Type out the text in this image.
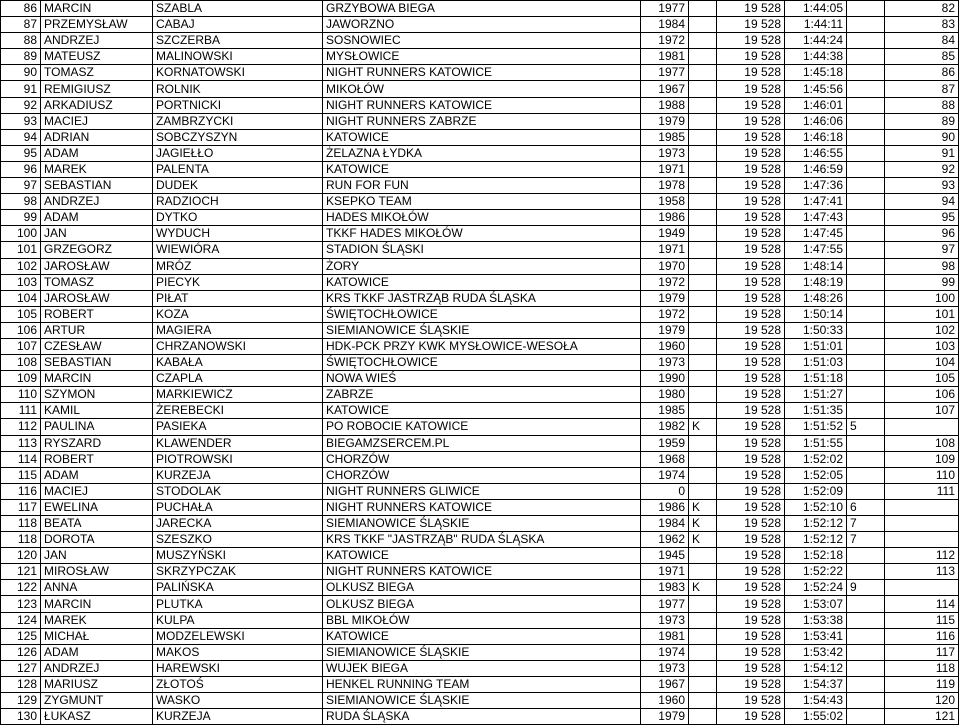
86	MARCIN	SZABLA	GRZYBOWA BIEGA	1977		19 528	1:44:05		82
87	PRZEMYSŁAW	CABAJ	JAWORZNO	1984		19 528	1:44:11		83
88	ANDRZEJ	SZCZERBA	SOSNOWIEC	1972		19 528	1:44:24		84
89	MATEUSZ	MALINOWSKI	MYSŁOWICE	1981		19 528	1:44:38		85
90	TOMASZ	KORNATOWSKI	NIGHT RUNNERS KATOWICE	1977		19 528	1:45:18		86
91	REMIGIUSZ	ROLNIK	MIKOŁÓW	1967		19 528	1:45:56		87
92	ARKADIUSZ	PORTNICKI	NIGHT RUNNERS KATOWICE	1988		19 528	1:46:01		88
93	MACIEJ	ZAMBRZYCKI	NIGHT RUNNERS ZABRZE	1979		19 528	1:46:06		89
94	ADRIAN	SOBCZYSZYN	KATOWICE	1985		19 528	1:46:18		90
95	ADAM	JAGIEŁŁO	ŻELAZNA ŁYDKA	1973		19 528	1:46:55		91
96	MAREK	PALENTA	KATOWICE	1971		19 528	1:46:59		92
97	SEBASTIAN	DUDEK	RUN FOR FUN	1978		19 528	1:47:36		93
98	ANDRZEJ	RADZIOCH	KSEPKO TEAM	1958		19 528	1:47:41		94
99	ADAM	DYTKO	HADES MIKOŁÓW	1986		19 528	1:47:43		95
100	JAN	WYDUCH	TKKF HADES MIKOŁÓW	1949		19 528	1:47:45		96
101	GRZEGORZ	WIEWIÓRA	STADION ŚLĄSKI	1971		19 528	1:47:55		97
102	JAROSŁAW	MRÓZ	ŻORY	1970		19 528	1:48:14		98
103	TOMASZ	PIECYK	KATOWICE	1972		19 528	1:48:19		99
104	JAROSŁAW	PIŁAT	KRS TKKF JASTRZĄB RUDA ŚLĄSKA	1979		19 528	1:48:26		100
105	ROBERT	KOZA	ŚWIĘTOCHŁOWICE	1972		19 528	1:50:14		101
106	ARTUR	MAGIERA	SIEMIANOWICE ŚLĄSKIE	1979		19 528	1:50:33		102
107	CZESŁAW	CHRZANOWSKI	HDK-PCK PRZY KWK MYSŁOWICE-WESOŁA	1960		19 528	1:51:01		103
108	SEBASTIAN	KABAŁA	ŚWIĘTOCHŁOWICE	1973		19 528	1:51:03		104
109	MARCIN	CZAPLA	NOWA WIEŚ	1990		19 528	1:51:18		105
110	SZYMON	MARKIEWICZ	ZABRZE	1980		19 528	1:51:27		106
111	KAMIL	ŻEREBECKI	KATOWICE	1985		19 528	1:51:35		107
112	PAULINA	PASIEKA	PO ROBOCIE KATOWICE	1982	K	19 528	1:51:52	5	
113	RYSZARD	KLAWENDER	BIEGAMZSERCEM.PL	1959		19 528	1:51:55		108
114	ROBERT	PIOTROWSKI	CHORZÓW	1968		19 528	1:52:02		109
115	ADAM	KURZEJA	CHORZÓW	1974		19 528	1:52:05		110
116	MACIEJ	STODOLAK	NIGHT RUNNERS GLIWICE	0		19 528	1:52:09		111
117	EWELINA	PUCHAŁA	NIGHT RUNNERS KATOWICE	1986	K	19 528	1:52:10	6	
118	BEATA	JARECKA	SIEMIANOWICE ŚLĄSKIE	1984	K	19 528	1:52:12	7	
118	DOROTA	SZESZKO	KRS TKKF "JASTRZĄB" RUDA ŚLĄSKA	1962	K	19 528	1:52:12	7	
120	JAN	MUSZYŃSKI	KATOWICE	1945		19 528	1:52:18		112
121	MIROSŁAW	SKRZYPCZAK	NIGHT RUNNERS KATOWICE	1971		19 528	1:52:22		113
122	ANNA	PALIŃSKA	OLKUSZ BIEGA	1983	K	19 528	1:52:24	9	
123	MARCIN	PLUTKA	OLKUSZ BIEGA	1977		19 528	1:53:07		114
124	MAREK	KULPA	BBL MIKOŁÓW	1973		19 528	1:53:38		115
125	MICHAŁ	MODZELEWSKI	KATOWICE	1981		19 528	1:53:41		116
126	ADAM	MAKOS	SIEMIANOWICE ŚLĄSKIE	1974		19 528	1:53:42		117
127	ANDRZEJ	HAREWSKI	WUJEK BIEGA	1973		19 528	1:54:12		118
128	MARIUSZ	ZŁOTOŚ	HENKEL RUNNING TEAM	1967		19 528	1:54:37		119
129	ZYGMUNT	WASKO	SIEMIANOWICE ŚLĄSKIE	1960		19 528	1:54:43		120
130	ŁUKASZ	KURZEJA	RUDA ŚLĄSKA	1979		19 528	1:55:02		121
